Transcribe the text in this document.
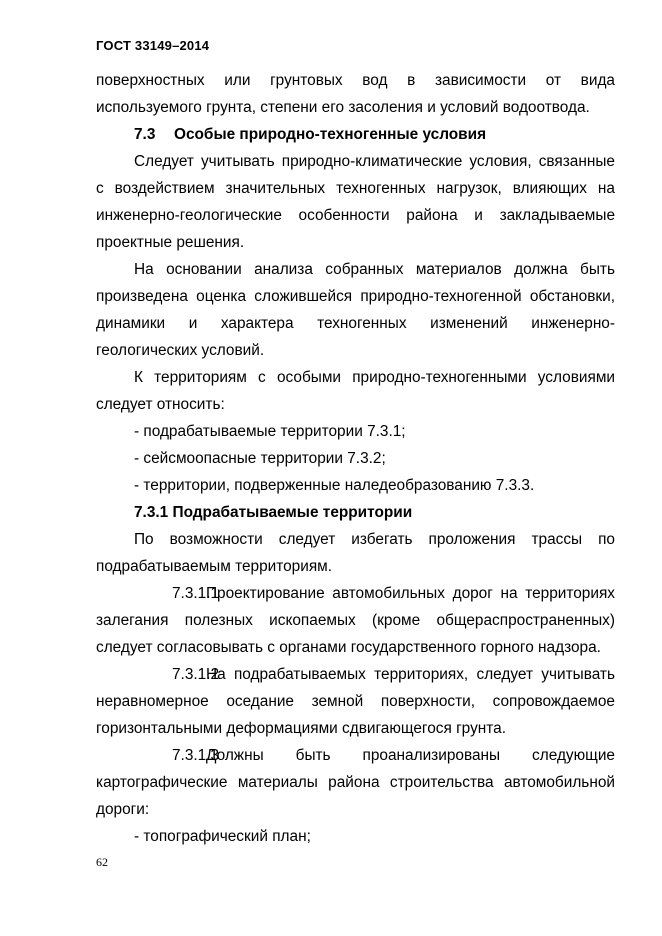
ГОСТ 33149–2014

поверхностных или грунтовых вод в зависимости от вида используемого грунта, степени его засоления и условий водоотвода.

7.3 Особые природно-техногенные условия

Следует учитывать природно-климатические условия, связанные с воздействием значительных техногенных нагрузок, влияющих на инженерно-геологические особенности района и закладываемые проектные решения.

На основании анализа собранных материалов должна быть произведена оценка сложившейся природно-техногенной обстановки, динамики и характера техногенных изменений инженерно-геологических условий.

К территориям с особыми природно-техногенными условиями следует относить:

- подрабатываемые территории 7.3.1;

- сейсмоопасные территории 7.3.2;

- территории, подверженные наледеобразованию 7.3.3.

7.3.1 Подрабатываемые территории

По возможности следует избегать проложения трассы по подрабатываемым территориям.

7.3.1.1Проектирование автомобильных дорог на территориях залегания полезных ископаемых (кроме общераспространенных) следует согласовывать с органами государственного горного надзора.

7.3.1.2На подрабатываемых территориях, следует учитывать неравномерное оседание земной поверхности, сопровождаемое горизонтальными деформациями сдвигающегося грунта.

7.3.1.3Должны быть проанализированы следующие картографические материалы района строительства автомобильной дороги:

- топографический план;

62
